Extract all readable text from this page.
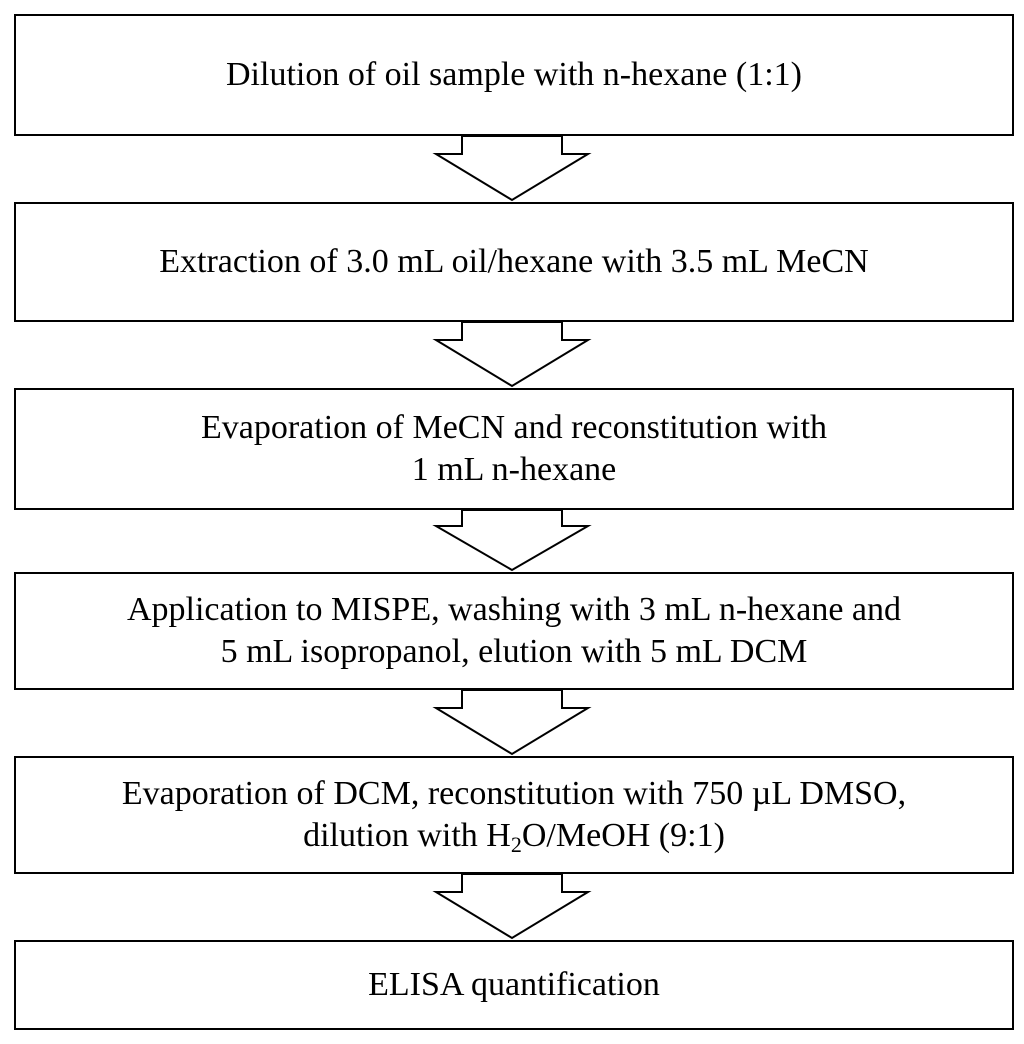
Dilution of oil sample with n-hexane (1:1)
Extraction of 3.0 mL oil/hexane with 3.5 mL MeCN
Evaporation of MeCN and reconstitution with
1 mL n-hexane
Application to MISPE, washing with 3 mL n-hexane and
5 mL isopropanol, elution with 5 mL DCM
Evaporation of DCM, reconstitution with 750 µL DMSO,
dilution with $H_2O$/MeOH (9:1)
ELISA quantification
